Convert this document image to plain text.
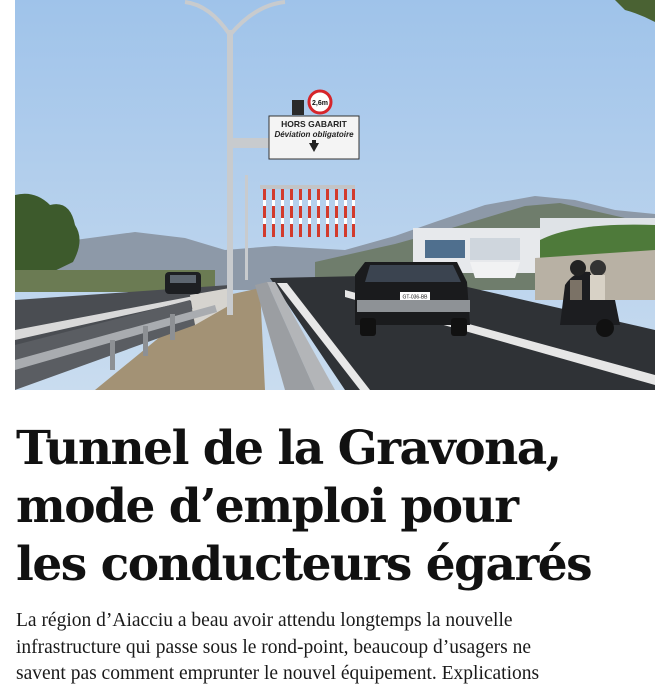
HORS GABARIT
Déviation obligatoire
2,6m
GT-036-BB
Tunnel de la Gravona,
mode d’emploi pour
les conducteurs égarés

La région d’Aiacciu a beau avoir attendu longtemps la nouvelle
infrastructure qui passe sous le rond-point, beaucoup d’usagers ne
savent pas comment emprunter le nouvel équipement. Explications
